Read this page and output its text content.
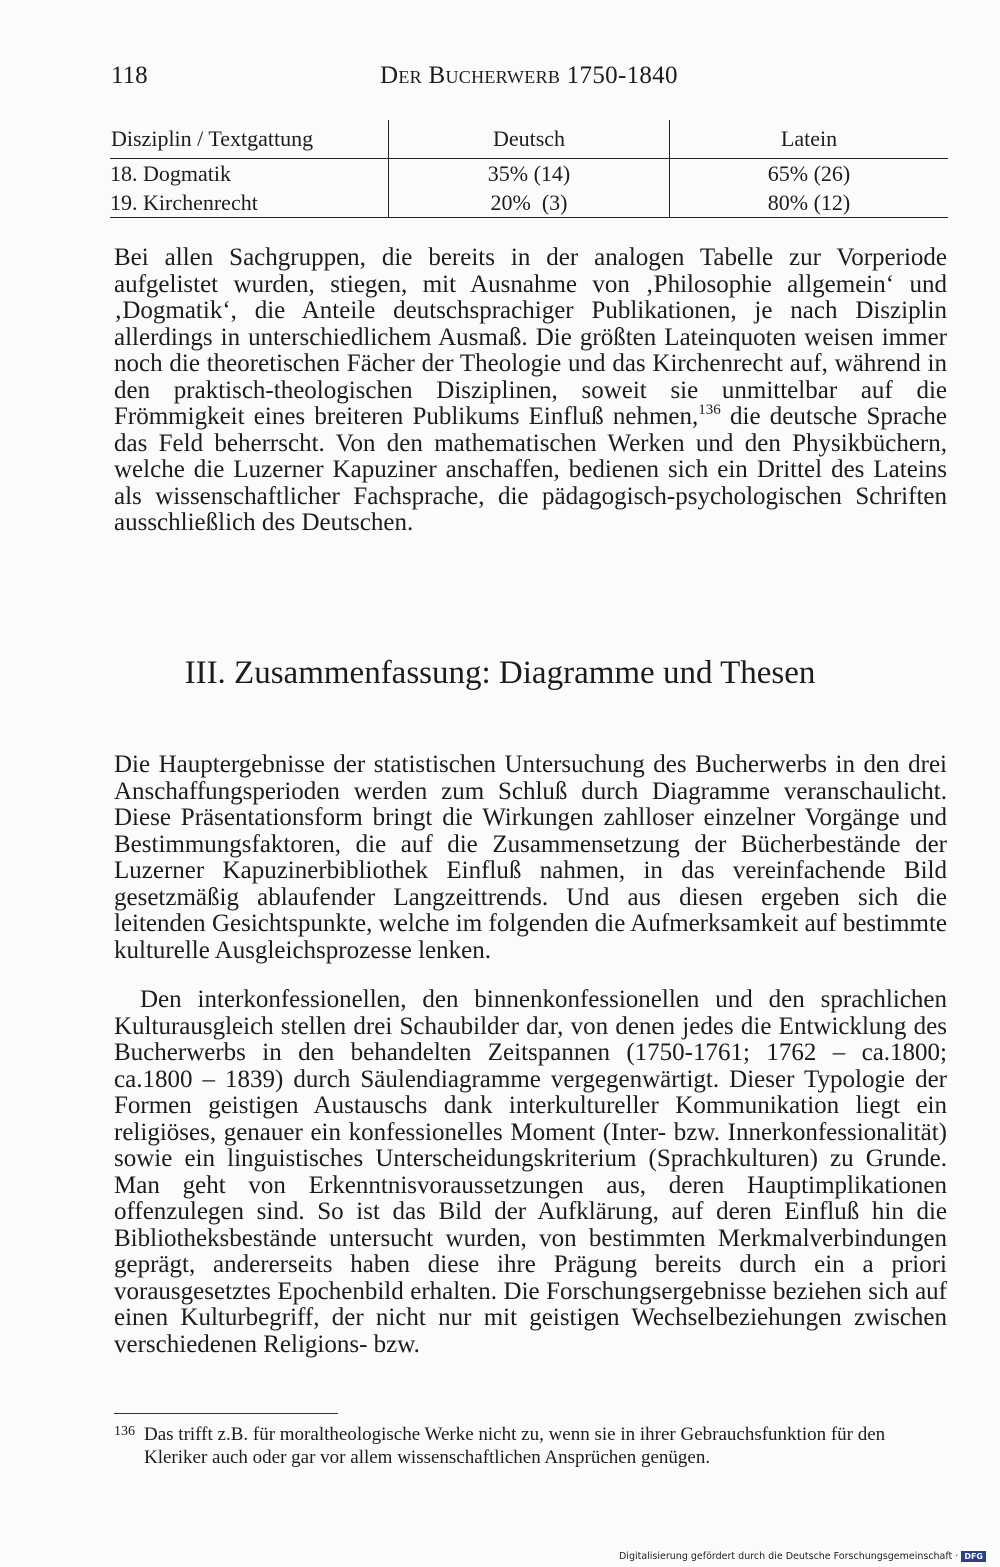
118	Der Bucherwerb 1750-1840
Disziplin / Textgattung	Deutsch	Latein
18. Dogmatik	35% (14)	65% (26)
19. Kirchenrecht	20%  (3)	80% (12)

Bei allen Sachgruppen, die bereits in der analogen Tabelle zur Vorperiode aufgelistet wurden, stiegen, mit Ausnahme von ‚Philosophie allgemein‘ und ‚Dogmatik‘, die Anteile deutschsprachiger Publikationen, je nach Disziplin allerdings in unterschiedlichem Ausmaß. Die größten Lateinquoten weisen immer noch die theoretischen Fächer der Theologie und das Kirchenrecht auf, während in den praktisch-theologischen Disziplinen, soweit sie unmittelbar auf die Frömmigkeit eines breiteren Publikums Einfluß nehmen,$^{136}$ die deutsche Sprache das Feld beherrscht. Von den mathematischen Werken und den Physikbüchern, welche die Luzerner Kapuziner anschaffen, bedienen sich ein Drittel des Lateins als wissenschaftlicher Fachsprache, die pädagogisch-psychologischen Schriften ausschließlich des Deutschen.

III. Zusammenfassung: Diagramme und Thesen

Die Hauptergebnisse der statistischen Untersuchung des Bucherwerbs in den drei Anschaffungsperioden werden zum Schluß durch Diagramme veranschaulicht. Diese Präsentationsform bringt die Wirkungen zahlloser einzelner Vorgänge und Bestimmungsfaktoren, die auf die Zusammensetzung der Bücherbestände der Luzerner Kapuzinerbibliothek Einfluß nahmen, in das vereinfachende Bild gesetzmäßig ablaufender Langzeittrends. Und aus diesen ergeben sich die leitenden Gesichtspunkte, welche im folgenden die Aufmerksamkeit auf bestimmte kulturelle Ausgleichsprozesse lenken.

Den interkonfessionellen, den binnenkonfessionellen und den sprachlichen Kulturausgleich stellen drei Schaubilder dar, von denen jedes die Entwicklung des Bucherwerbs in den behandelten Zeitspannen (1750-1761; 1762 – ca.1800; ca.1800 – 1839) durch Säulendiagramme vergegenwärtigt. Dieser Typologie der Formen geistigen Austauschs dank interkultureller Kommunikation liegt ein religiöses, genauer ein konfessionelles Moment (Inter- bzw. Innerkonfessionalität) sowie ein linguistisches Unterscheidungskriterium (Sprachkulturen) zu Grunde. Man geht von Erkenntnisvoraussetzungen aus, deren Hauptimplikationen offenzulegen sind. So ist das Bild der Aufklärung, auf deren Einfluß hin die Bibliotheksbestände untersucht wurden, von bestimmten Merkmalverbindungen geprägt, andererseits haben diese ihre Prägung bereits durch ein a priori vorausgesetztes Epochenbild erhalten. Die Forschungsergebnisse beziehen sich auf einen Kulturbegriff, der nicht nur mit geistigen Wechselbeziehungen zwischen verschiedenen Religions- bzw.

136 Das trifft z.B. für moraltheologische Werke nicht zu, wenn sie in ihrer Gebrauchsfunktion für den Kleriker auch oder gar vor allem wissenschaftlichen Ansprüchen genügen.

Digitalisierung gefördert durch die Deutsche Forschungsgemeinschaft · DFG
